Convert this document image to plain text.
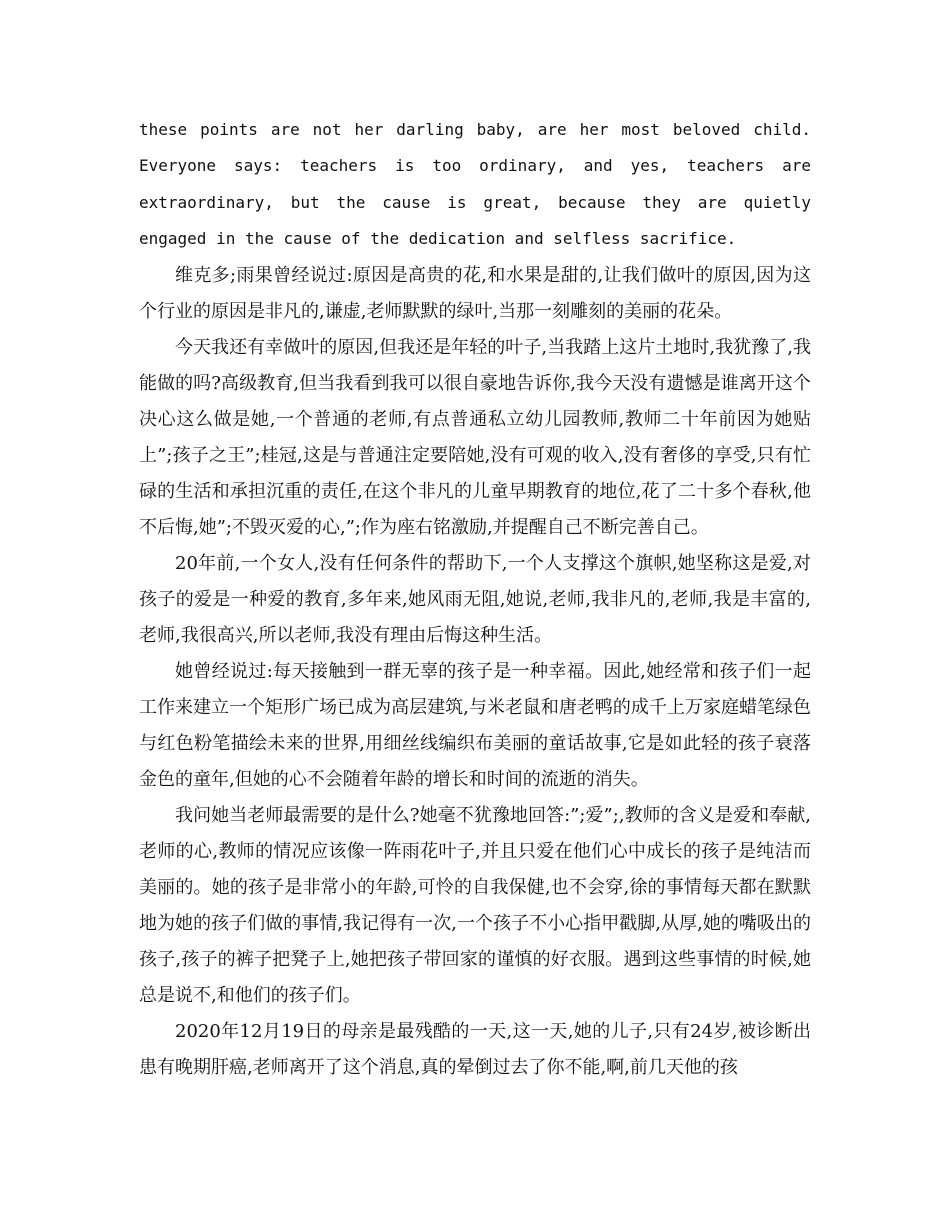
these points are not her darling baby, are her most beloved child. Everyone says: teachers is too ordinary, and yes, teachers are extraordinary, but the cause is great, because they are quietly engaged in the cause of the dedication and selfless sacrifice.

维克多;雨果曾经说过:原因是高贵的花,和水果是甜的,让我们做叶的原因,因为这个行业的原因是非凡的,谦虚,老师默默的绿叶,当那一刻雕刻的美丽的花朵。

今天我还有幸做叶的原因,但我还是年轻的叶子,当我踏上这片土地时,我犹豫了,我能做的吗?高级教育,但当我看到我可以很自豪地告诉你,我今天没有遗憾是谁离开这个决心这么做是她,一个普通的老师,有点普通私立幼儿园教师,教师二十年前因为她贴上”;孩子之王”;桂冠,这是与普通注定要陪她,没有可观的收入,没有奢侈的享受,只有忙碌的生活和承担沉重的责任,在这个非凡的儿童早期教育的地位,花了二十多个春秋,他不后悔,她”;不毁灭爱的心,”;作为座右铭激励,并提醒自己不断完善自己。

20年前,一个女人,没有任何条件的帮助下,一个人支撑这个旗帜,她坚称这是爱,对孩子的爱是一种爱的教育,多年来,她风雨无阻,她说,老师,我非凡的,老师,我是丰富的,老师,我很高兴,所以老师,我没有理由后悔这种生活。

她曾经说过:每天接触到一群无辜的孩子是一种幸福。因此,她经常和孩子们一起工作来建立一个矩形广场已成为高层建筑,与米老鼠和唐老鸭的成千上万家庭蜡笔绿色与红色粉笔描绘未来的世界,用细丝线编织布美丽的童话故事,它是如此轻的孩子衰落金色的童年,但她的心不会随着年龄的增长和时间的流逝的消失。

我问她当老师最需要的是什么?她毫不犹豫地回答:”;爱”;,教师的含义是爱和奉献,老师的心,教师的情况应该像一阵雨花叶子,并且只爱在他们心中成长的孩子是纯洁而美丽的。她的孩子是非常小的年龄,可怜的自我保健,也不会穿,徐的事情每天都在默默地为她的孩子们做的事情,我记得有一次,一个孩子不小心指甲戳脚,从厚,她的嘴吸出的孩子,孩子的裤子把凳子上,她把孩子带回家的谨慎的好衣服。遇到这些事情的时候,她总是说不,和他们的孩子们。

2020年12月19日的母亲是最残酷的一天,这一天,她的儿子,只有24岁,被诊断出患有晚期肝癌,老师离开了这个消息,真的晕倒过去了你不能,啊,前几天他的孩
